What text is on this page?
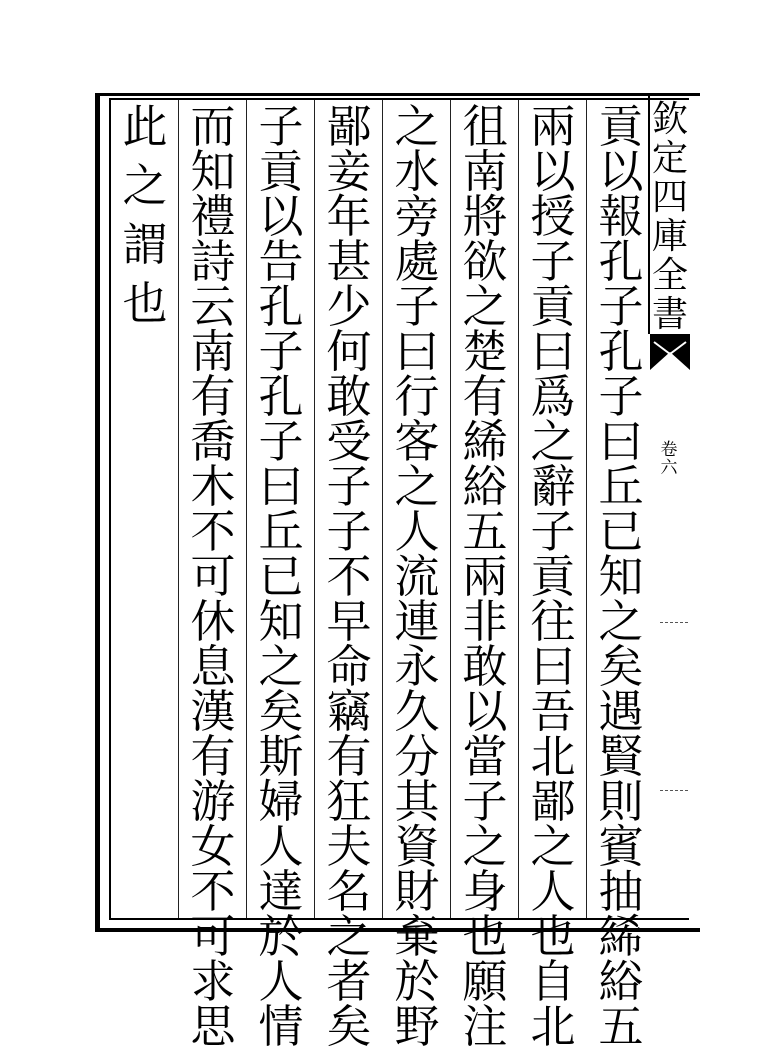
欽
定
四
庫
全
書
卷
六
貢
以
報
孔
子
孔
子
曰
丘
已
知
之
矣
遇
賢
則
賓
抽
絺
綌
五
兩
以
授
子
貢
曰
爲
之
辭
子
貢
往
曰
吾
北
鄙
之
人
也
自
北
徂
南
將
欲
之
楚
有
絺
綌
五
兩
非
敢
以
當
子
之
身
也
願
注
之
水
旁
處
子
曰
行
客
之
人
流
連
永
久
分
其
資
財
棄
於
野
鄙
妾
年
甚
少
何
敢
受
子
子
不
早
命
竊
有
狂
夫
名
之
者
矣
子
貢
以
告
孔
子
孔
子
曰
丘
已
知
之
矣
斯
婦
人
達
於
人
情
而
知
禮
詩
云
南
有
喬
木
不
可
休
息
漢
有
游
女
不
可
求
思
此
之
謂
也
